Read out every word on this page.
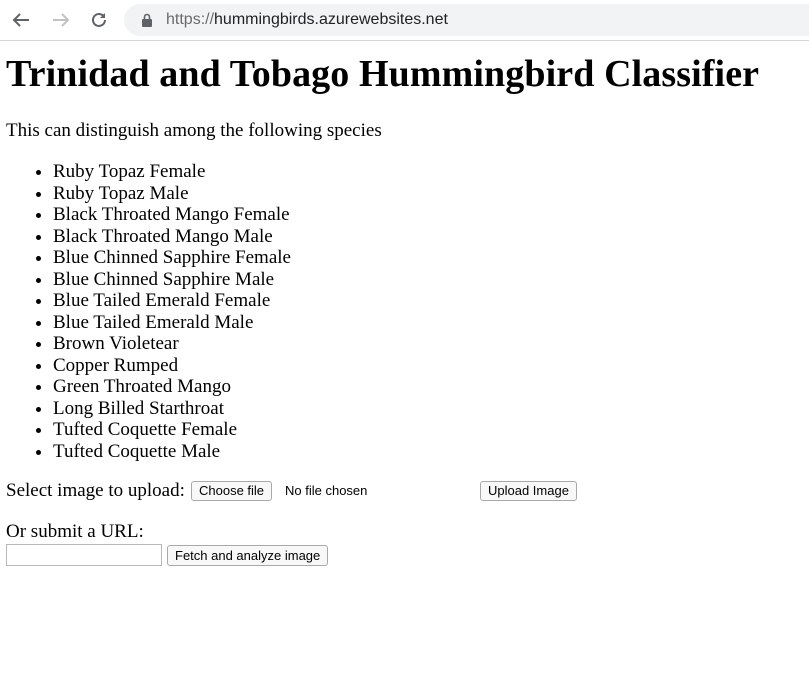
https://hummingbirds.azurewebsites.net
Trinidad and Tobago Hummingbird Classifier

This can distinguish among the following species

• Ruby Topaz Female
• Ruby Topaz Male
• Black Throated Mango Female
• Black Throated Mango Male
• Blue Chinned Sapphire Female
• Blue Chinned Sapphire Male
• Blue Tailed Emerald Female
• Blue Tailed Emerald Male
• Brown Violetear
• Copper Rumped
• Green Throated Mango
• Long Billed Starthroat
• Tufted Coquette Female
• Tufted Coquette Male
Select image to upload:	Choose file	No file chosen	Upload Image
Or submit a URL:
Fetch and analyze image
